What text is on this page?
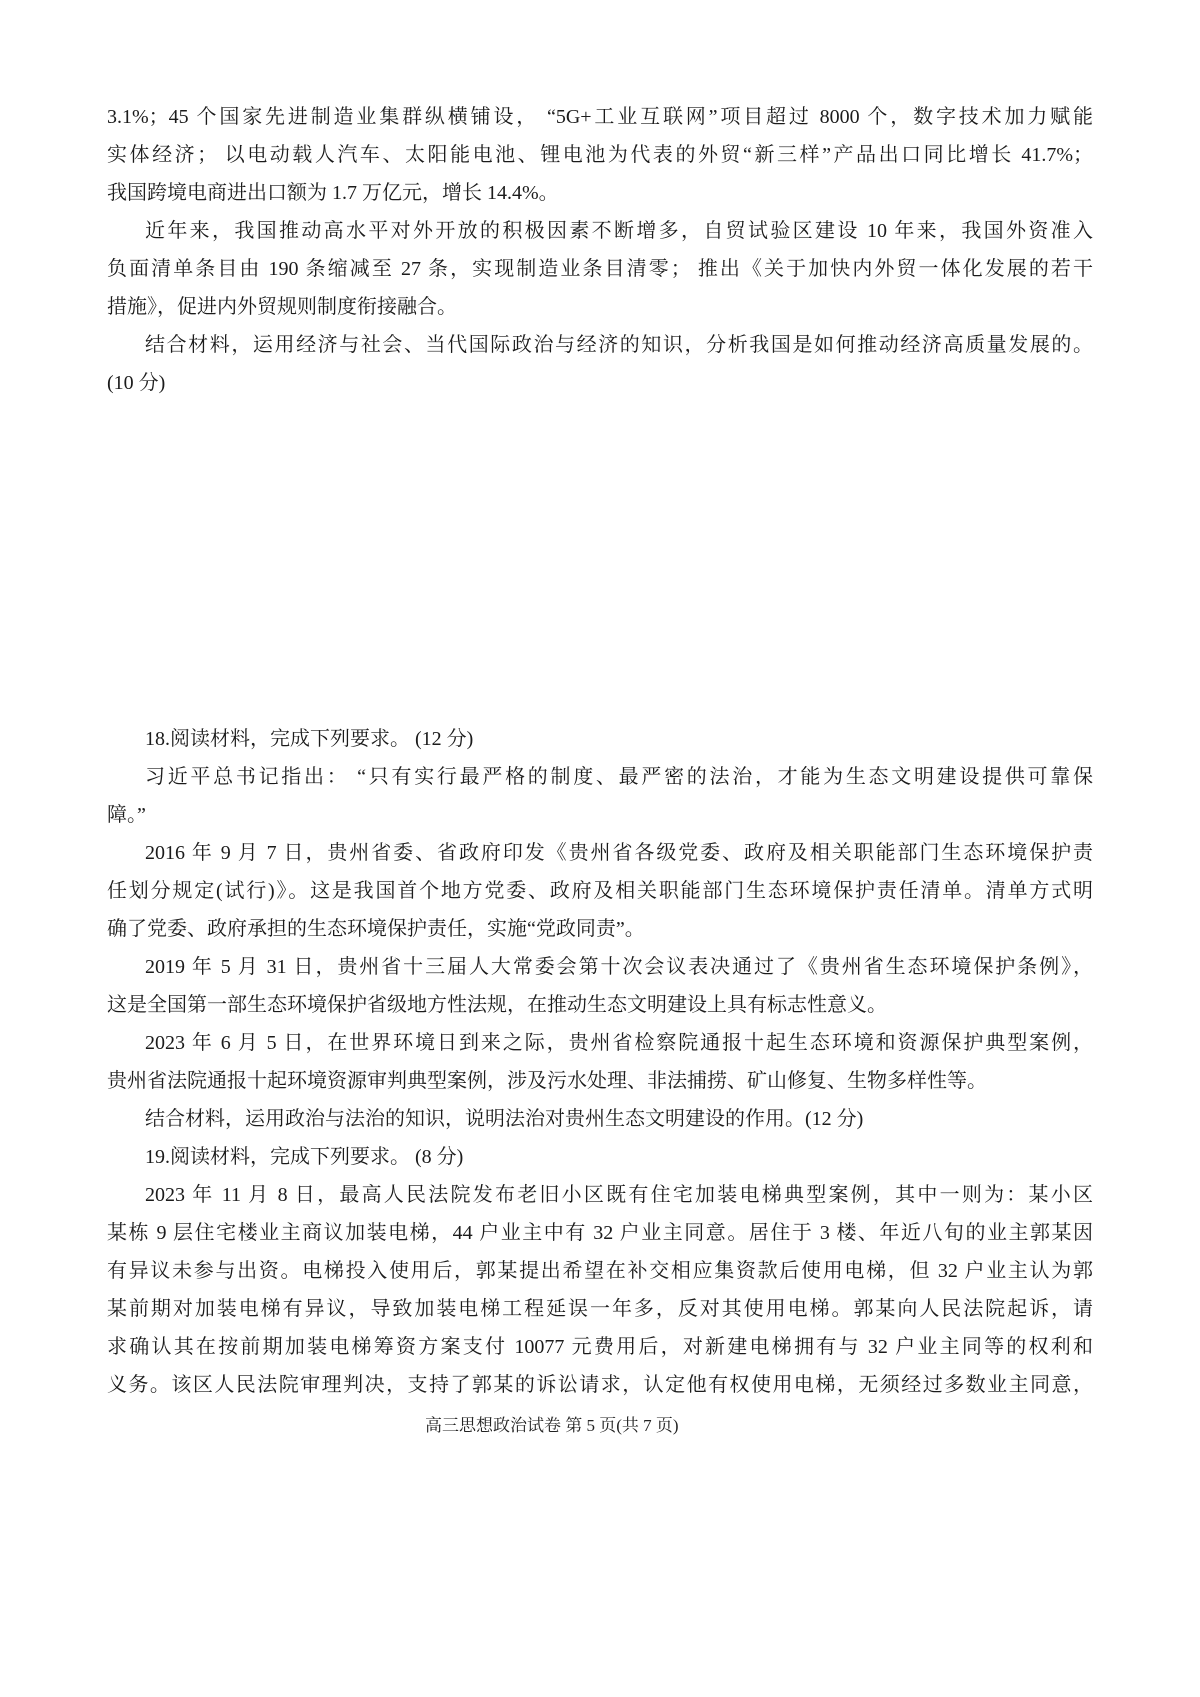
3.1%；45 个国家先进制造业集群纵横铺设， “5G+工业互联网”项目超过 8000 个，数字技术加力赋能
实体经济； 以电动载人汽车、太阳能电池、锂电池为代表的外贸“新三样”产品出口同比增长 41.7%；
我国跨境电商进出口额为 1.7 万亿元，增长 14.4%。
近年来，我国推动高水平对外开放的积极因素不断增多，自贸试验区建设 10 年来，我国外资准入
负面清单条目由 190 条缩减至 27 条，实现制造业条目清零； 推出《关于加快内外贸一体化发展的若干
措施》，促进内外贸规则制度衔接融合。
结合材料，运用经济与社会、当代国际政治与经济的知识，分析我国是如何推动经济高质量发展的。
(10 分)
18.阅读材料，完成下列要求。 (12 分)
习近平总书记指出： “只有实行最严格的制度、最严密的法治，才能为生态文明建设提供可靠保
障。”
2016 年 9 月 7 日，贵州省委、省政府印发《贵州省各级党委、政府及相关职能部门生态环境保护责
任划分规定(试行)》。这是我国首个地方党委、政府及相关职能部门生态环境保护责任清单。清单方式明
确了党委、政府承担的生态环境保护责任，实施“党政同责”。
2019 年 5 月 31 日，贵州省十三届人大常委会第十次会议表决通过了《贵州省生态环境保护条例》，
这是全国第一部生态环境保护省级地方性法规，在推动生态文明建设上具有标志性意义。
2023 年 6 月 5 日，在世界环境日到来之际，贵州省检察院通报十起生态环境和资源保护典型案例，
贵州省法院通报十起环境资源审判典型案例，涉及污水处理、非法捕捞、矿山修复、生物多样性等。
结合材料，运用政治与法治的知识，说明法治对贵州生态文明建设的作用。(12 分)
19.阅读材料，完成下列要求。 (8 分)
2023 年 11 月 8 日，最高人民法院发布老旧小区既有住宅加装电梯典型案例，其中一则为：某小区
某栋 9 层住宅楼业主商议加装电梯，44 户业主中有 32 户业主同意。居住于 3 楼、年近八旬的业主郭某因
有异议未参与出资。电梯投入使用后，郭某提出希望在补交相应集资款后使用电梯，但 32 户业主认为郭
某前期对加装电梯有异议，导致加装电梯工程延误一年多，反对其使用电梯。郭某向人民法院起诉，请
求确认其在按前期加装电梯筹资方案支付 10077 元费用后，对新建电梯拥有与 32 户业主同等的权利和
义务。该区人民法院审理判决，支持了郭某的诉讼请求，认定他有权使用电梯，无须经过多数业主同意，
高三思想政治试卷 第 5 页(共 7 页)
